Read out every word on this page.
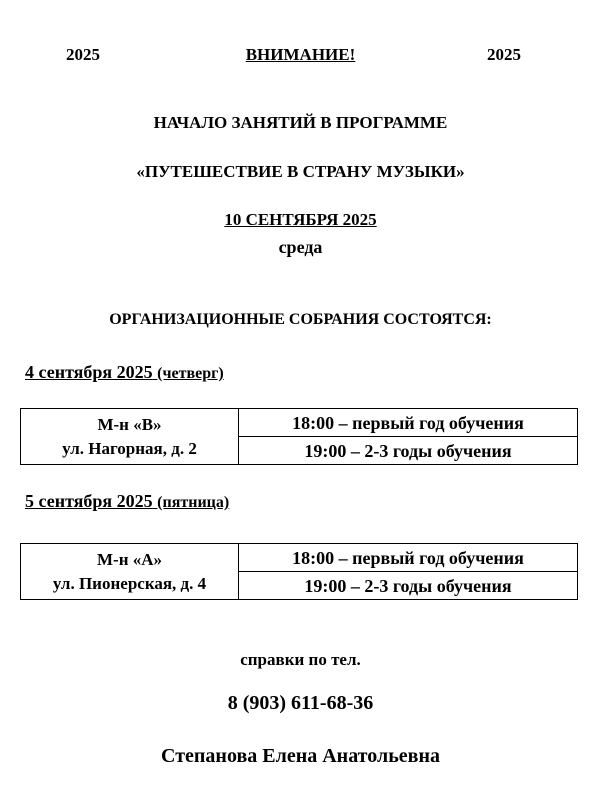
2025	ВНИМАНИЕ!	2025
НАЧАЛО ЗАНЯТИЙ В ПРОГРАММЕ
«ПУТЕШЕСТВИЕ В СТРАНУ МУЗЫКИ»
10 СЕНТЯБРЯ 2025
среда
ОРГАНИЗАЦИОННЫЕ СОБРАНИЯ СОСТОЯТСЯ:
4 сентября 2025 (четверг)
М-н «В»
ул. Нагорная, д. 2
	18:00 – первый год обучения
19:00 – 2-3 годы обучения
5 сентября 2025 (пятница)
М-н «А»
ул. Пионерская, д. 4
	18:00 – первый год обучения
19:00 – 2-3 годы обучения
справки по тел.
8 (903) 611-68-36
Степанова Елена Анатольевна
